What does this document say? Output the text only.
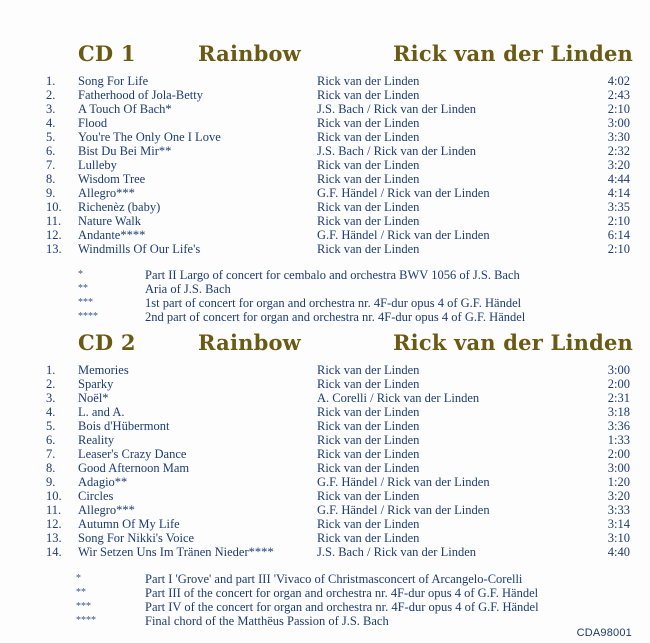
CD 1	Rainbow	Rick van der Linden
1. Song For Life	Rick van der Linden	4:02
2. Fatherhood of Jola-Betty	Rick van der Linden	2:43
3. A Touch Of Bach*	J.S. Bach / Rick van der Linden	2:10
4. Flood	Rick van der Linden	3:00
5. You're The Only One I Love	Rick van der Linden	3:30
6. Bist Du Bei Mir**	J.S. Bach / Rick van der Linden	2:32
7. Lulleby	Rick van der Linden	3:20
8. Wisdom Tree	Rick van der Linden	4:44
9. Allegro***	G.F. Händel / Rick van der Linden	4:14
10. Richenèz (baby)	Rick van der Linden	3:35
11. Nature Walk	Rick van der Linden	2:10
12. Andante****	G.F. Händel / Rick van der Linden	6:14
13. Windmills Of Our Life's	Rick van der Linden	2:10
*	Part II Largo of concert for cembalo and orchestra BWV 1056 of J.S. Bach
**	Aria of J.S. Bach
***	1st part of concert for organ and orchestra nr. 4F-dur opus 4 of G.F. Händel
****	2nd part of concert for organ and orchestra nr. 4F-dur opus 4 of G.F. Händel
CD 2	Rainbow	Rick van der Linden
1. Memories	Rick van der Linden	3:00
2. Sparky	Rick van der Linden	2:00
3. Noël*	A. Corelli / Rick van der Linden	2:31
4. L. and A.	Rick van der Linden	3:18
5. Bois d'Hübermont	Rick van der Linden	3:36
6. Reality	Rick van der Linden	1:33
7. Leaser's Crazy Dance	Rick van der Linden	2:00
8. Good Afternoon Mam	Rick van der Linden	3:00
9. Adagio**	G.F. Händel / Rick van der Linden	1:20
10. Circles	Rick van der Linden	3:20
11. Allegro***	G.F. Händel / Rick van der Linden	3:33
12. Autumn Of My Life	Rick van der Linden	3:14
13. Song For Nikki's Voice	Rick van der Linden	3:10
14. Wir Setzen Uns Im Tränen Nieder****	J.S. Bach / Rick van der Linden	4:40
*	Part I 'Grove' and part III 'Vivaco of Christmasconcert of Arcangelo-Corelli
**	Part III of the concert for organ and orchestra nr. 4F-dur opus 4 of G.F. Händel
***	Part IV of the concert for organ and orchestra nr. 4F-dur opus 4 of G.F. Händel
****	Final chord of the Matthëus Passion of J.S. Bach
CDA98001
